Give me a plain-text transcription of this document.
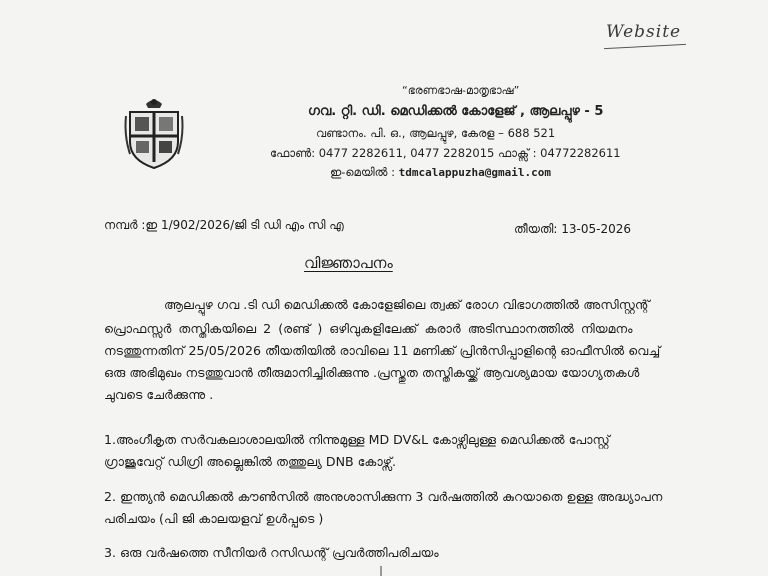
Website
“ഭരണഭാഷ-മാതൃഭാഷ”
ഗവ. റ്റി. ഡി. മെഡിക്കൽ കോളേജ് , ആലപ്പുഴ - 5
വണ്ടാനം. പി. ഒ., ആലപ്പുഴ, കേരള – 688 521
ഫോൺ: 0477 2282611, 0477 2282015 ഫാക്സ് : 04772282611
ഇ-മെയിൽ : tdmcalappuzha@gmail.com
നമ്പർ :ഇ 1/902/2026/ജി ടി ഡി എം സി എ	തീയതി: 13-05-2026
വിജ്ഞാപനം
ആലപ്പുഴ ഗവ .ടി ഡി മെഡിക്കൽ കോളേജിലെ ത്വക്ക് രോഗ വിഭാഗത്തിൽ അസിസ്റ്റന്റ്
പ്രൊഫസ്സർ തസ്തികയിലെ 2 (രണ്ട് ) ഒഴിവുകളിലേക്ക് കരാർ അടിസ്ഥാനത്തിൽ നിയമനം
നടത്തുന്നതിന് 25/05/2026 തീയതിയിൽ രാവിലെ 11 മണിക്ക് പ്രിൻസിപ്പാളിന്റെ ഓഫീസിൽ വെച്ച്
ഒരു അഭിമുഖം നടത്തുവാൻ തീരുമാനിച്ചിരിക്കുന്നു .പ്രസ്തുത തസ്തികയ്ക്ക് ആവശ്യമായ യോഗ്യതകൾ
ചുവടെ ചേർക്കുന്നു .
1.അംഗീകൃത സർവകലാശാലയിൽ നിന്നുമുള്ള MD DV&L കോഴ്സിലുള്ള മെഡിക്കൽ പോസ്റ്റ്
ഗ്രാജുവേറ്റ് ഡിഗ്രി അല്ലെങ്കിൽ തത്തുല്യ DNB കോഴ്സ്.
2. ഇന്ത്യൻ മെഡിക്കൽ കൗൺസിൽ അനുശാസിക്കുന്ന 3 വർഷത്തിൽ കുറയാതെ ഉള്ള അദ്ധ്യാപന
പരിചയം (പി ജി കാലയളവ് ഉൾപ്പടെ )
3. ഒരു വർഷത്തെ സീനിയർ റസിഡന്റ് പ്രവർത്തിപരിചയം
